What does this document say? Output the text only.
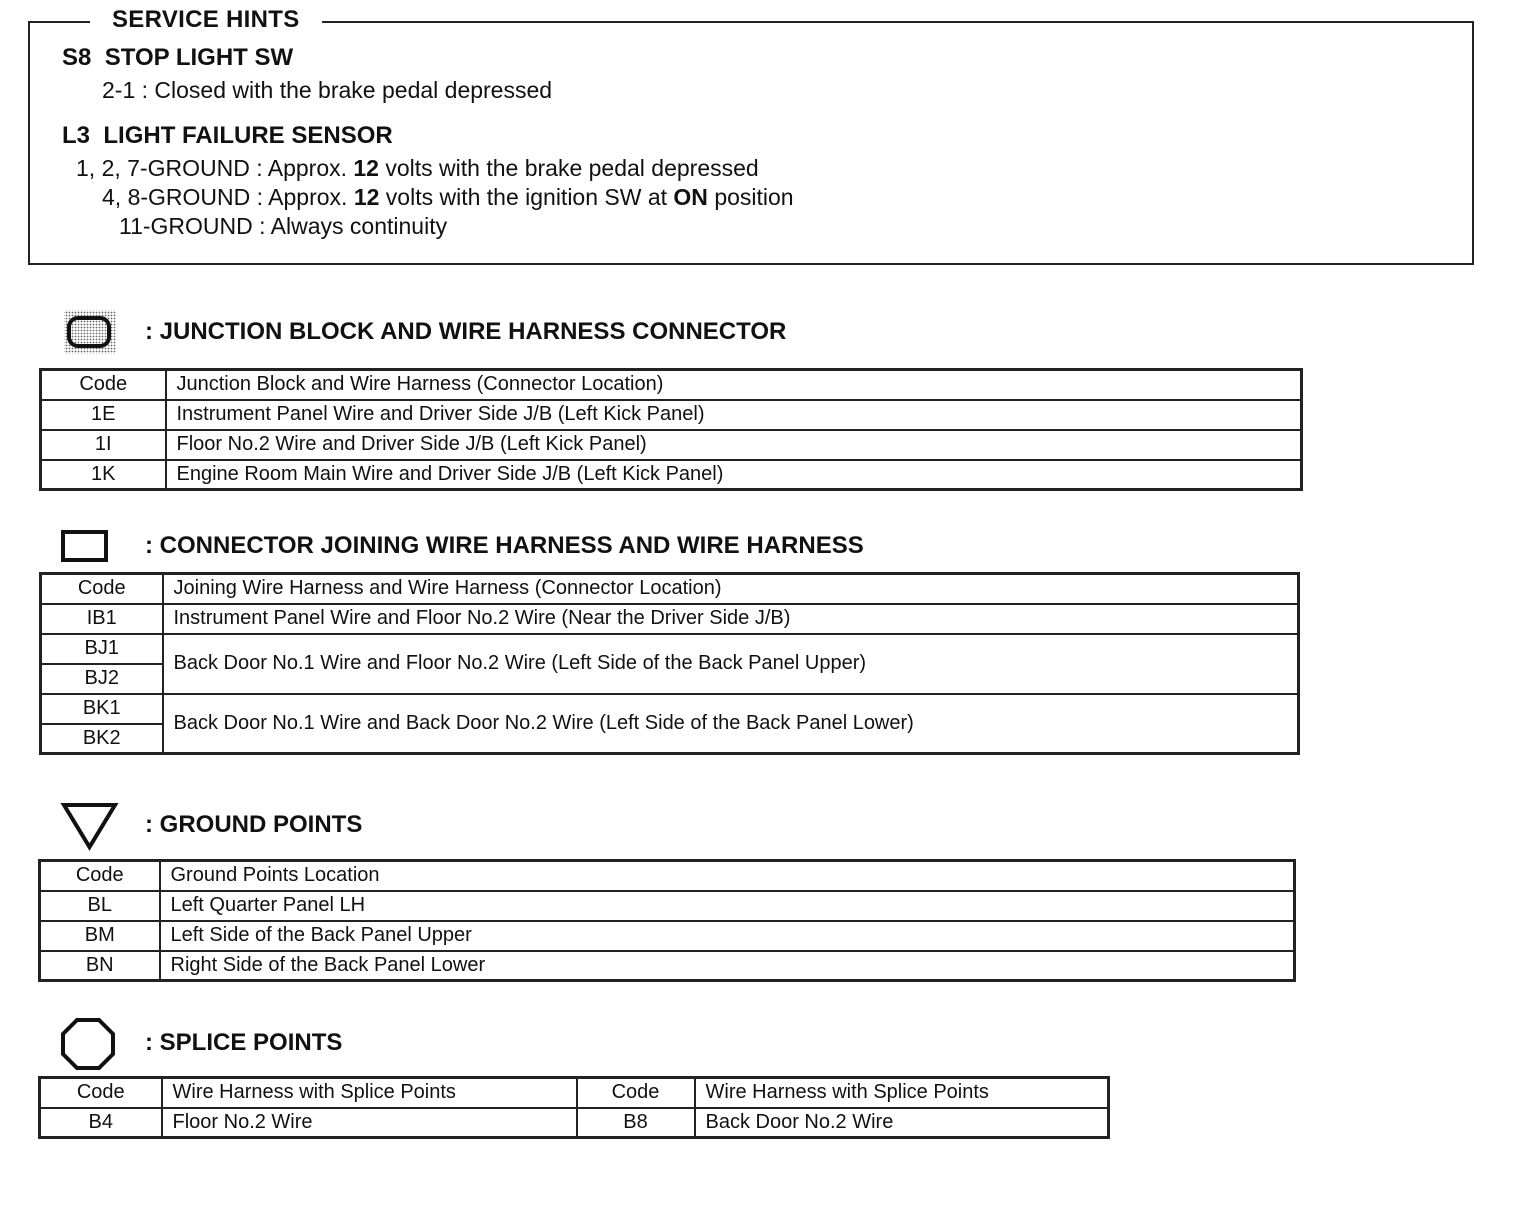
SERVICE HINTS
S8 STOP LIGHT SW
2-1 : Closed with the brake pedal depressed
L3 LIGHT FAILURE SENSOR
1, 2, 7-GROUND : Approx. 12 volts with the brake pedal depressed
4, 8-GROUND : Approx. 12 volts with the ignition SW at ON position
11-GROUND : Always continuity
: JUNCTION BLOCK AND WIRE HARNESS CONNECTOR
Code	Junction Block and Wire Harness (Connector Location)
1E	Instrument Panel Wire and Driver Side J/B (Left Kick Panel)
1I	Floor No.2 Wire and Driver Side J/B (Left Kick Panel)
1K	Engine Room Main Wire and Driver Side J/B (Left Kick Panel)
: CONNECTOR JOINING WIRE HARNESS AND WIRE HARNESS
Code	Joining Wire Harness and Wire Harness (Connector Location)
IB1	Instrument Panel Wire and Floor No.2 Wire (Near the Driver Side J/B)
BJ1	Back Door No.1 Wire and Floor No.2 Wire (Left Side of the Back Panel Upper)
BJ2	
BK1	Back Door No.1 Wire and Back Door No.2 Wire (Left Side of the Back Panel Lower)
BK2	
: GROUND POINTS
Code	Ground Points Location
BL	Left Quarter Panel LH
BM	Left Side of the Back Panel Upper
BN	Right Side of the Back Panel Lower
: SPLICE POINTS
Code	Wire Harness with Splice Points	Code	Wire Harness with Splice Points
B4	Floor No.2 Wire	B8	Back Door No.2 Wire
